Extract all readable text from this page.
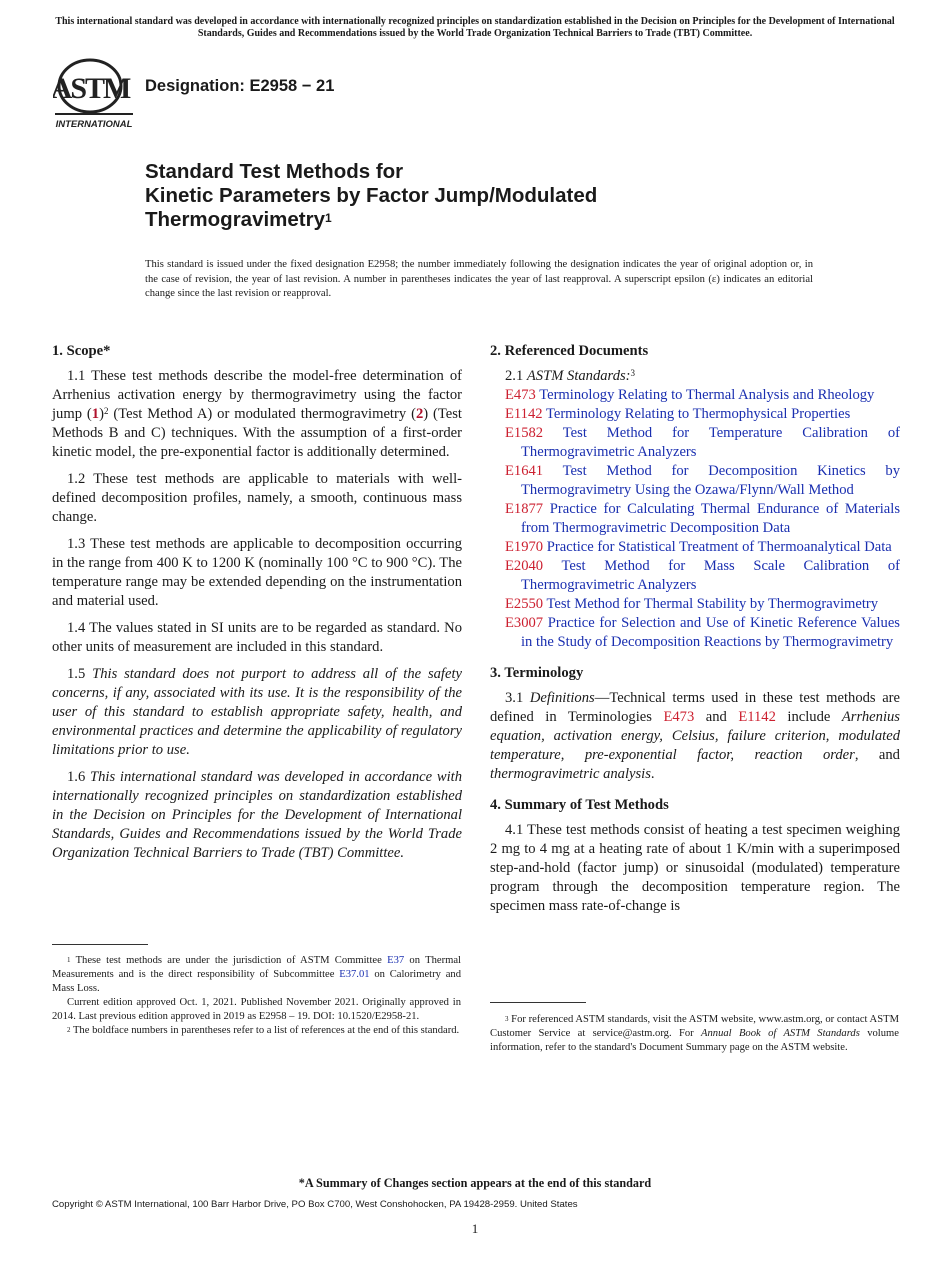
This international standard was developed in accordance with internationally recognized principles on standardization established in the Decision on Principles for the Development of International Standards, Guides and Recommendations issued by the World Trade Organization Technical Barriers to Trade (TBT) Committee.
ASTM
INTERNATIONAL
Designation: E2958 − 21
Standard Test Methods for
Kinetic Parameters by Factor Jump/Modulated
Thermogravimetry$^1$
This standard is issued under the fixed designation E2958; the number immediately following the designation indicates the year of original adoption or, in the case of revision, the year of last revision. A number in parentheses indicates the year of last reapproval. A superscript epsilon (ε) indicates an editorial change since the last revision or reapproval.
1. Scope*

1.1 These test methods describe the model-free determination of Arrhenius activation energy by thermogravimetry using the factor jump (1)$^2$ (Test Method A) or modulated thermogravimetry (2) (Test Methods B and C) techniques. With the assumption of a first-order kinetic model, the pre-exponential factor is additionally determined.

1.2 These test methods are applicable to materials with well-defined decomposition profiles, namely, a smooth, continuous mass change.

1.3 These test methods are applicable to decomposition occurring in the range from 400 K to 1200 K (nominally 100 °C to 900 °C). The temperature range may be extended depending on the instrumentation and material used.

1.4 The values stated in SI units are to be regarded as standard. No other units of measurement are included in this standard.

1.5 This standard does not purport to address all of the safety concerns, if any, associated with its use. It is the responsibility of the user of this standard to establish appropriate safety, health, and environmental practices and determine the applicability of regulatory limitations prior to use.

1.6 This international standard was developed in accordance with internationally recognized principles on standardization established in the Decision on Principles for the Development of International Standards, Guides and Recommendations issued by the World Trade Organization Technical Barriers to Trade (TBT) Committee.

2. Referenced Documents

2.1 ASTM Standards:$^3$

E473 Terminology Relating to Thermal Analysis and Rheology
E1142 Terminology Relating to Thermophysical Properties
E1582 Test Method for Temperature Calibration of Thermogravimetric Analyzers
E1641 Test Method for Decomposition Kinetics by Thermogravimetry Using the Ozawa/Flynn/Wall Method
E1877 Practice for Calculating Thermal Endurance of Materials from Thermogravimetric Decomposition Data
E1970 Practice for Statistical Treatment of Thermoanalytical Data
E2040 Test Method for Mass Scale Calibration of Thermogravimetric Analyzers
E2550 Test Method for Thermal Stability by Thermogravimetry
E3007 Practice for Selection and Use of Kinetic Reference Values in the Study of Decomposition Reactions by Thermogravimetry
3. Terminology

3.1 Definitions—Technical terms used in these test methods are defined in Terminologies E473 and E1142 include Arrhenius equation, activation energy, Celsius, failure criterion, modulated temperature, pre-exponential factor, reaction order, and thermogravimetric analysis.

4. Summary of Test Methods

4.1 These test methods consist of heating a test specimen weighing 2 mg to 4 mg at a heating rate of about 1 K/min with a superimposed step-and-hold (factor jump) or sinusoidal (modulated) temperature program through the decomposition temperature region. The specimen mass rate-of-change is

$^1$ These test methods are under the jurisdiction of ASTM Committee E37 on Thermal Measurements and is the direct responsibility of Subcommittee E37.01 on Calorimetry and Mass Loss.

Current edition approved Oct. 1, 2021. Published November 2021. Originally approved in 2014. Last previous edition approved in 2019 as E2958 – 19. DOI: 10.1520/E2958-21.

$^2$ The boldface numbers in parentheses refer to a list of references at the end of this standard.

$^3$ For referenced ASTM standards, visit the ASTM website, www.astm.org, or contact ASTM Customer Service at service@astm.org. For Annual Book of ASTM Standards volume information, refer to the standard's Document Summary page on the ASTM website.

*A Summary of Changes section appears at the end of this standard
Copyright © ASTM International, 100 Barr Harbor Drive, PO Box C700, West Conshohocken, PA 19428-2959. United States
1
